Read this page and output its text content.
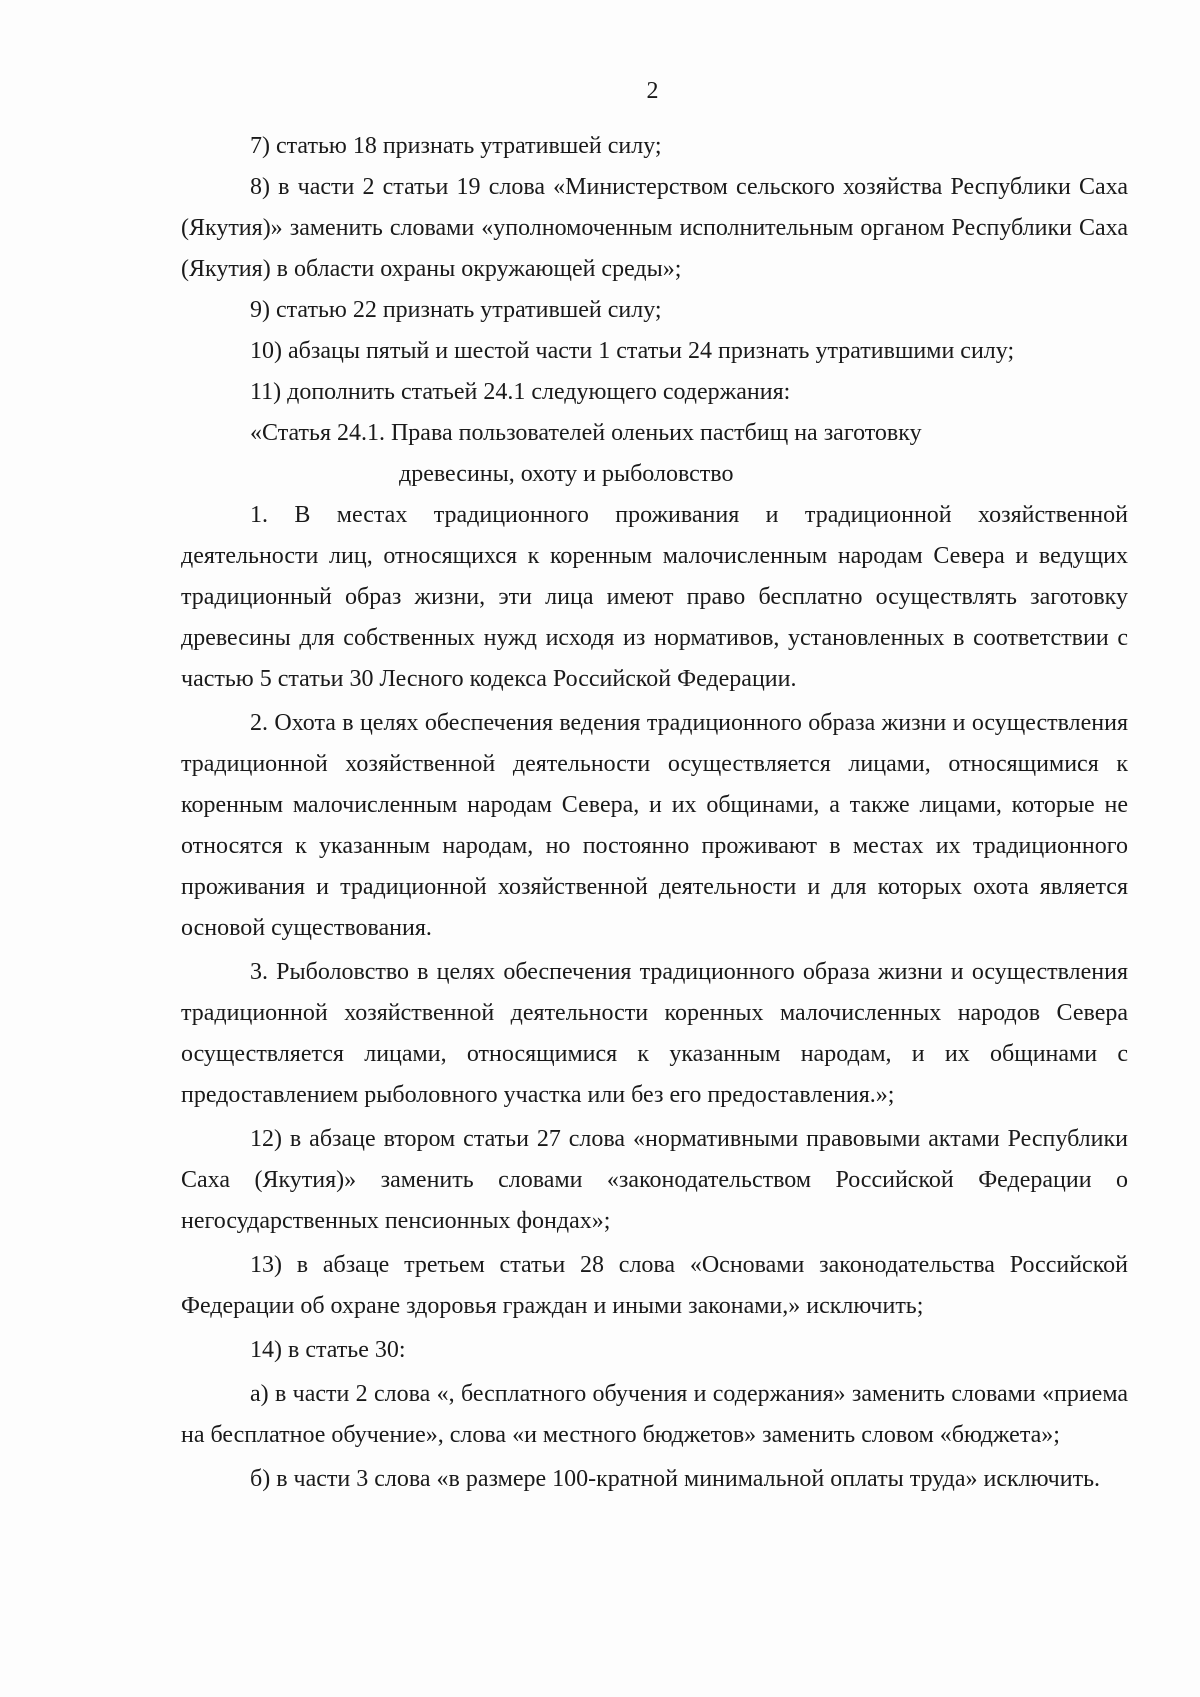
2

7) статью 18 признать утратившей силу;

8) в части 2 статьи 19 слова «Министерством сельского хозяйства Республики Саха (Якутия)» заменить словами «уполномоченным исполнительным органом Республики Саха (Якутия) в области охраны окружающей среды»;

9) статью 22 признать утратившей силу;

10) абзацы пятый и шестой части 1 статьи 24 признать утратившими силу;

11) дополнить статьей 24.1 следующего содержания:

«Статья 24.1. Права пользователей оленьих пастбищ на заготовку

древесины, охоту и рыболовство

1. В местах традиционного проживания и традиционной хозяйственной деятельности лиц, относящихся к коренным малочисленным народам Севера и ведущих традиционный образ жизни, эти лица имеют право бесплатно осуществлять заготовку древесины для собственных нужд исходя из нормативов, установленных в соответствии с частью 5 статьи 30 Лесного кодекса Российской Федерации.

2. Охота в целях обеспечения ведения традиционного образа жизни и осуществления традиционной хозяйственной деятельности осуществляется лицами, относящимися к коренным малочисленным народам Севера, и их общинами, а также лицами, которые не относятся к указанным народам, но постоянно проживают в местах их традиционного проживания и традиционной хозяйственной деятельности и для которых охота является основой существования.

3. Рыболовство в целях обеспечения традиционного образа жизни и осуществления традиционной хозяйственной деятельности коренных малочисленных народов Севера осуществляется лицами, относящимися к указанным народам, и их общинами с предоставлением рыболовного участка или без его предоставления.»;

12) в абзаце втором статьи 27 слова «нормативными правовыми актами Республики Саха (Якутия)» заменить словами «законодательством Российской Федерации о негосударственных пенсионных фондах»;

13) в абзаце третьем статьи 28 слова «Основами законодательства Российской Федерации об охране здоровья граждан и иными законами,» исключить;

14) в статье 30:

а) в части 2 слова «, бесплатного обучения и содержания» заменить словами «приема на бесплатное обучение», слова «и местного бюджетов» заменить словом «бюджета»;

б) в части 3 слова «в размере 100-кратной минимальной оплаты труда» исключить.
